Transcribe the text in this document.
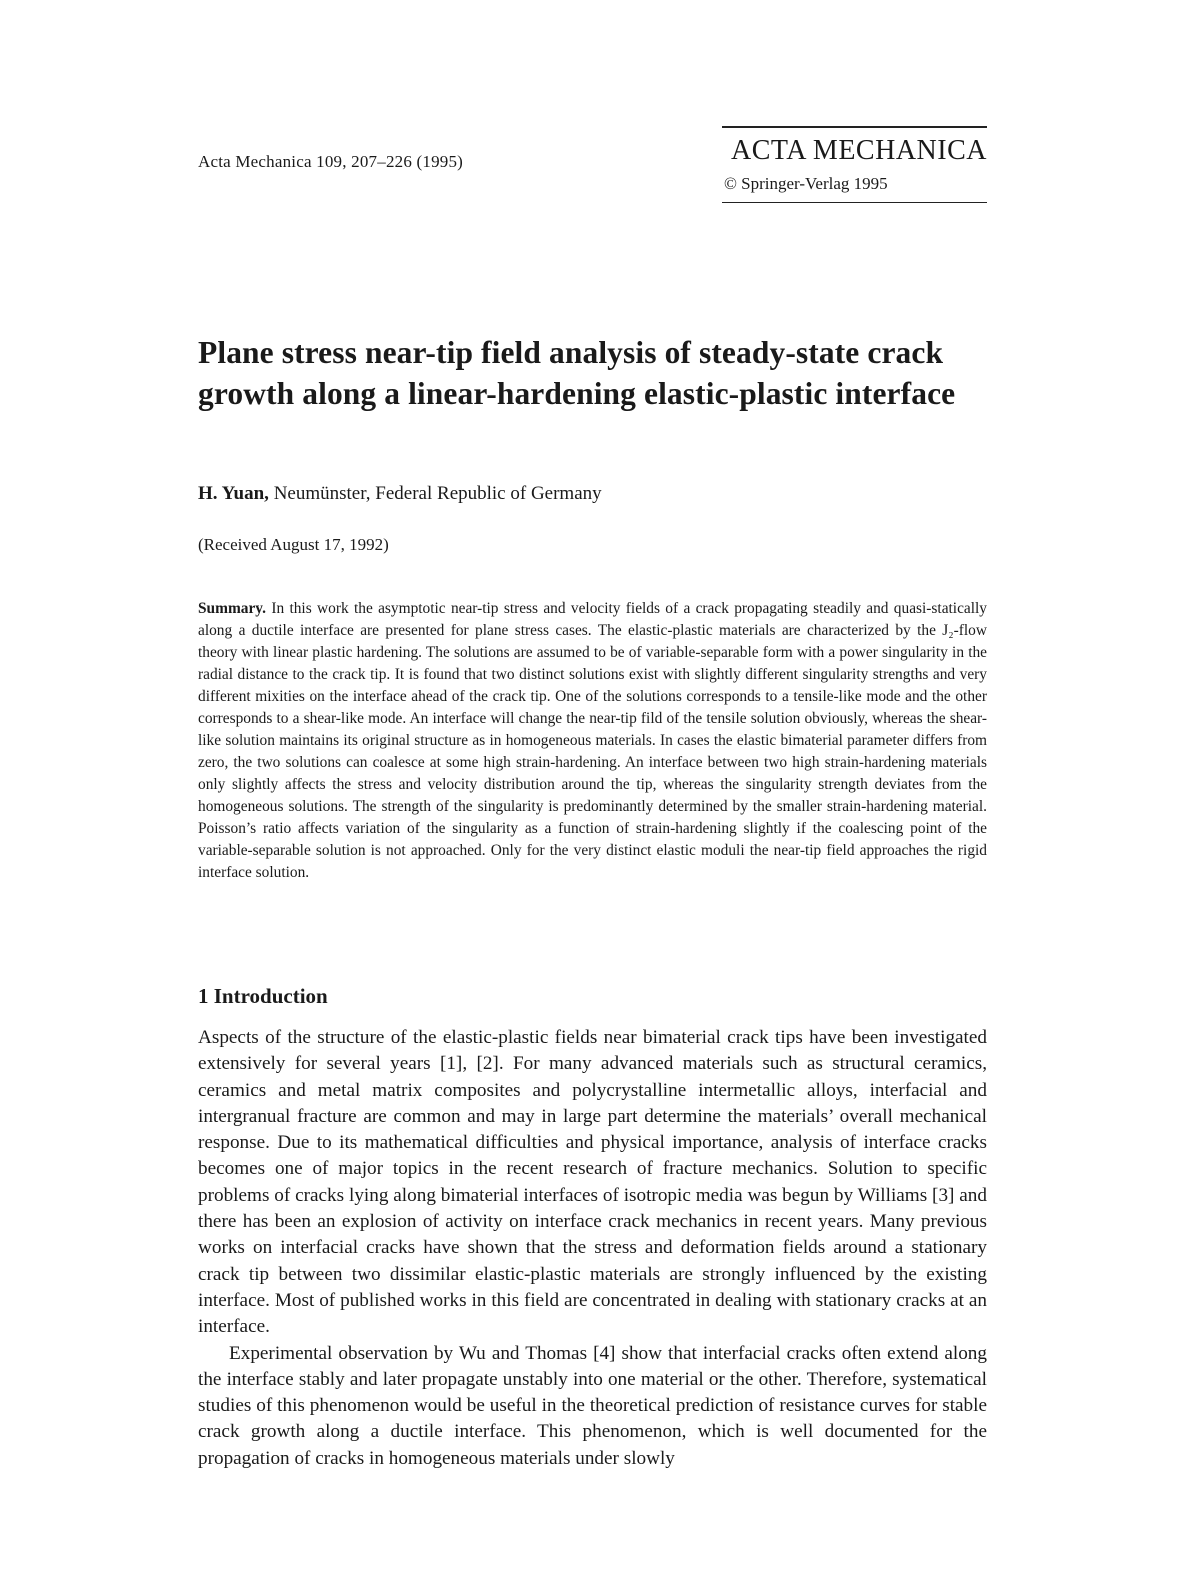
Acta Mechanica 109, 207–226 (1995)	ACTA MECHANICA
© Springer-Verlag 1995
Plane stress near-tip field analysis of steady-state crack growth along a linear-hardening elastic-plastic interface
H. Yuan, Neumünster, Federal Republic of Germany
(Received August 17, 1992)

Summary. In this work the asymptotic near-tip stress and velocity fields of a crack propagating steadily and quasi-statically along a ductile interface are presented for plane stress cases. The elastic-plastic materials are characterized by the J₂-flow theory with linear plastic hardening. The solutions are assumed to be of variable-separable form with a power singularity in the radial distance to the crack tip. It is found that two distinct solutions exist with slightly different singularity strengths and very different mixities on the interface ahead of the crack tip. One of the solutions corresponds to a tensile-like mode and the other corresponds to a shear-like mode. An interface will change the near-tip fild of the tensile solution obviously, whereas the shear-like solution maintains its original structure as in homogeneous materials. In cases the elastic bimaterial parameter differs from zero, the two solutions can coalesce at some high strain-hardening. An interface between two high strain-hardening materials only slightly affects the stress and velocity distribution around the tip, whereas the singularity strength deviates from the homogeneous solutions. The strength of the singularity is predominantly determined by the smaller strain-hardening material. Poisson’s ratio affects variation of the singularity as a function of strain-hardening slightly if the coalescing point of the variable-separable solution is not approached. Only for the very distinct elastic moduli the near-tip field approaches the rigid interface solution.

1 Introduction

Aspects of the structure of the elastic-plastic fields near bimaterial crack tips have been investigated extensively for several years [1], [2]. For many advanced materials such as structural ceramics, ceramics and metal matrix composites and polycrystalline intermetallic alloys, interfacial and intergranual fracture are common and may in large part determine the materials’ overall mechanical response. Due to its mathematical difficulties and physical importance, analysis of interface cracks becomes one of major topics in the recent research of fracture mechanics. Solution to specific problems of cracks lying along bimaterial interfaces of isotropic media was begun by Williams [3] and there has been an explosion of activity on interface crack mechanics in recent years. Many previous works on interfacial cracks have shown that the stress and deformation fields around a stationary crack tip between two dissimilar elastic-plastic materials are strongly influenced by the existing interface. Most of published works in this field are concentrated in dealing with stationary cracks at an interface.

Experimental observation by Wu and Thomas [4] show that interfacial cracks often extend along the interface stably and later propagate unstably into one material or the other. Therefore, systematical studies of this phenomenon would be useful in the theoretical prediction of resistance curves for stable crack growth along a ductile interface. This phenomenon, which is well documented for the propagation of cracks in homogeneous materials under slowly
